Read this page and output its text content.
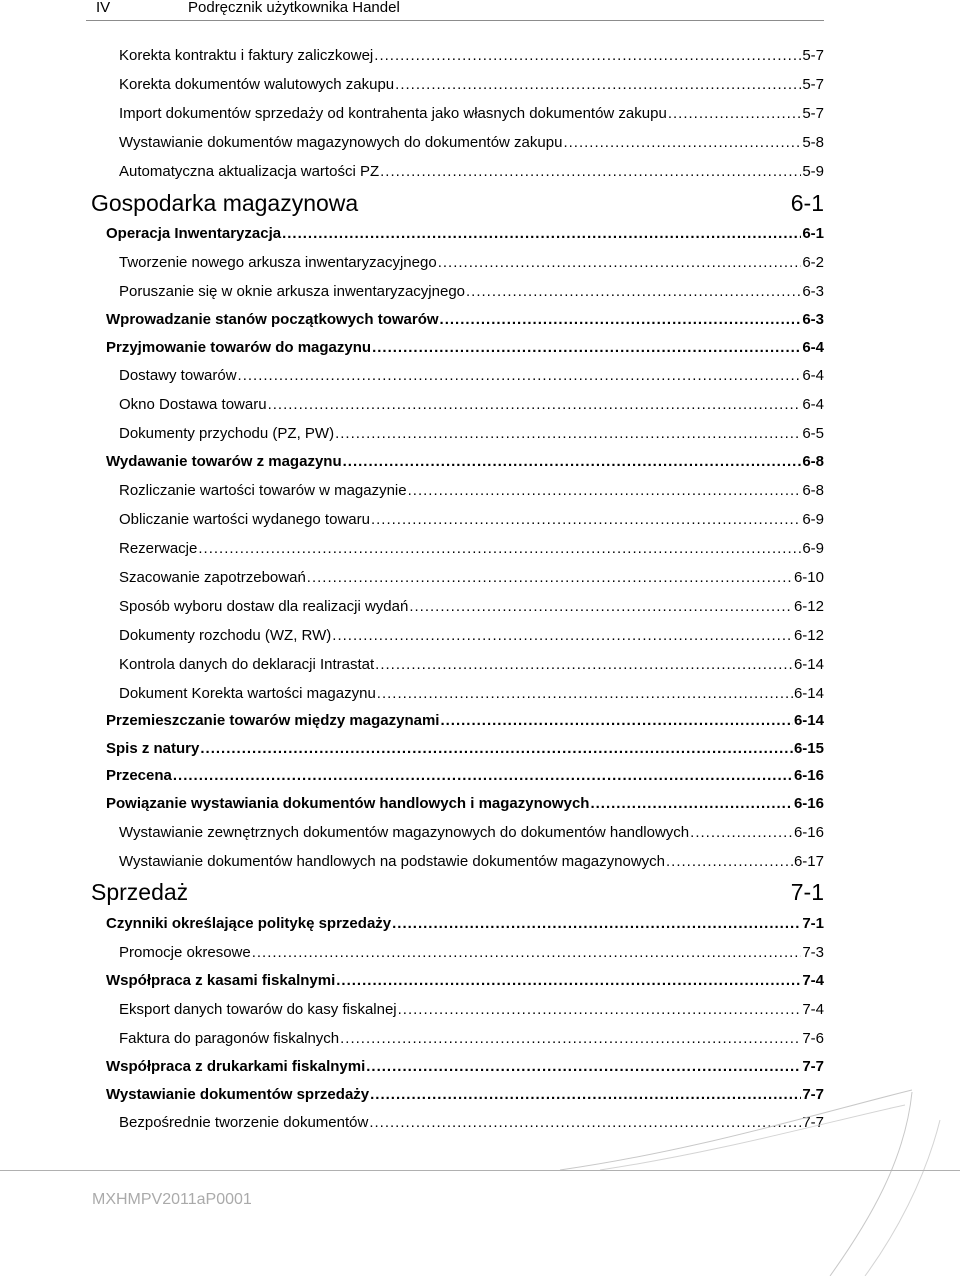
IV	Podręcznik użytkownika Handel
Korekta kontraktu i faktury zaliczkowej .....	5-7
Korekta dokumentów walutowych zakupu .....	5-7
Import dokumentów sprzedaży od kontrahenta jako własnych dokumentów zakupu .....	5-7
Wystawianie dokumentów magazynowych do dokumentów zakupu .....	5-8
Automatyczna aktualizacja wartości PZ .....	5-9
Gospodarka magazynowa	6-1
Operacja Inwentaryzacja .....	6-1
Tworzenie nowego arkusza inwentaryzacyjnego .....	6-2
Poruszanie się w oknie arkusza inwentaryzacyjnego .....	6-3
Wprowadzanie stanów początkowych towarów .....	6-3
Przyjmowanie towarów do magazynu .....	6-4
Dostawy towarów .....	6-4
Okno Dostawa towaru .....	6-4
Dokumenty przychodu (PZ, PW) .....	6-5
Wydawanie towarów z magazynu .....	6-8
Rozliczanie wartości towarów w magazynie .....	6-8
Obliczanie wartości wydanego towaru .....	6-9
Rezerwacje .....	6-9
Szacowanie zapotrzebowań .....	6-10
Sposób wyboru dostaw dla realizacji wydań .....	6-12
Dokumenty rozchodu (WZ, RW) .....	6-12
Kontrola danych do deklaracji Intrastat .....	6-14
Dokument Korekta wartości magazynu .....	6-14
Przemieszczanie towarów między magazynami .....	6-14
Spis z natury .....	6-15
Przecena .....	6-16
Powiązanie wystawiania dokumentów handlowych i magazynowych .....	6-16
Wystawianie zewnętrznych dokumentów magazynowych do dokumentów handlowych .....	6-16
Wystawianie dokumentów handlowych na podstawie dokumentów magazynowych .....	6-17
Sprzedaż	7-1
Czynniki określające politykę sprzedaży .....	7-1
Promocje okresowe .....	7-3
Współpraca z kasami fiskalnymi .....	7-4
Eksport danych towarów do kasy fiskalnej .....	7-4
Faktura do paragonów fiskalnych .....	7-6
Współpraca z drukarkami fiskalnymi .....	7-7
Wystawianie dokumentów sprzedaży .....	7-7
Bezpośrednie tworzenie dokumentów .....	7-7
MXHMPV2011aP0001
